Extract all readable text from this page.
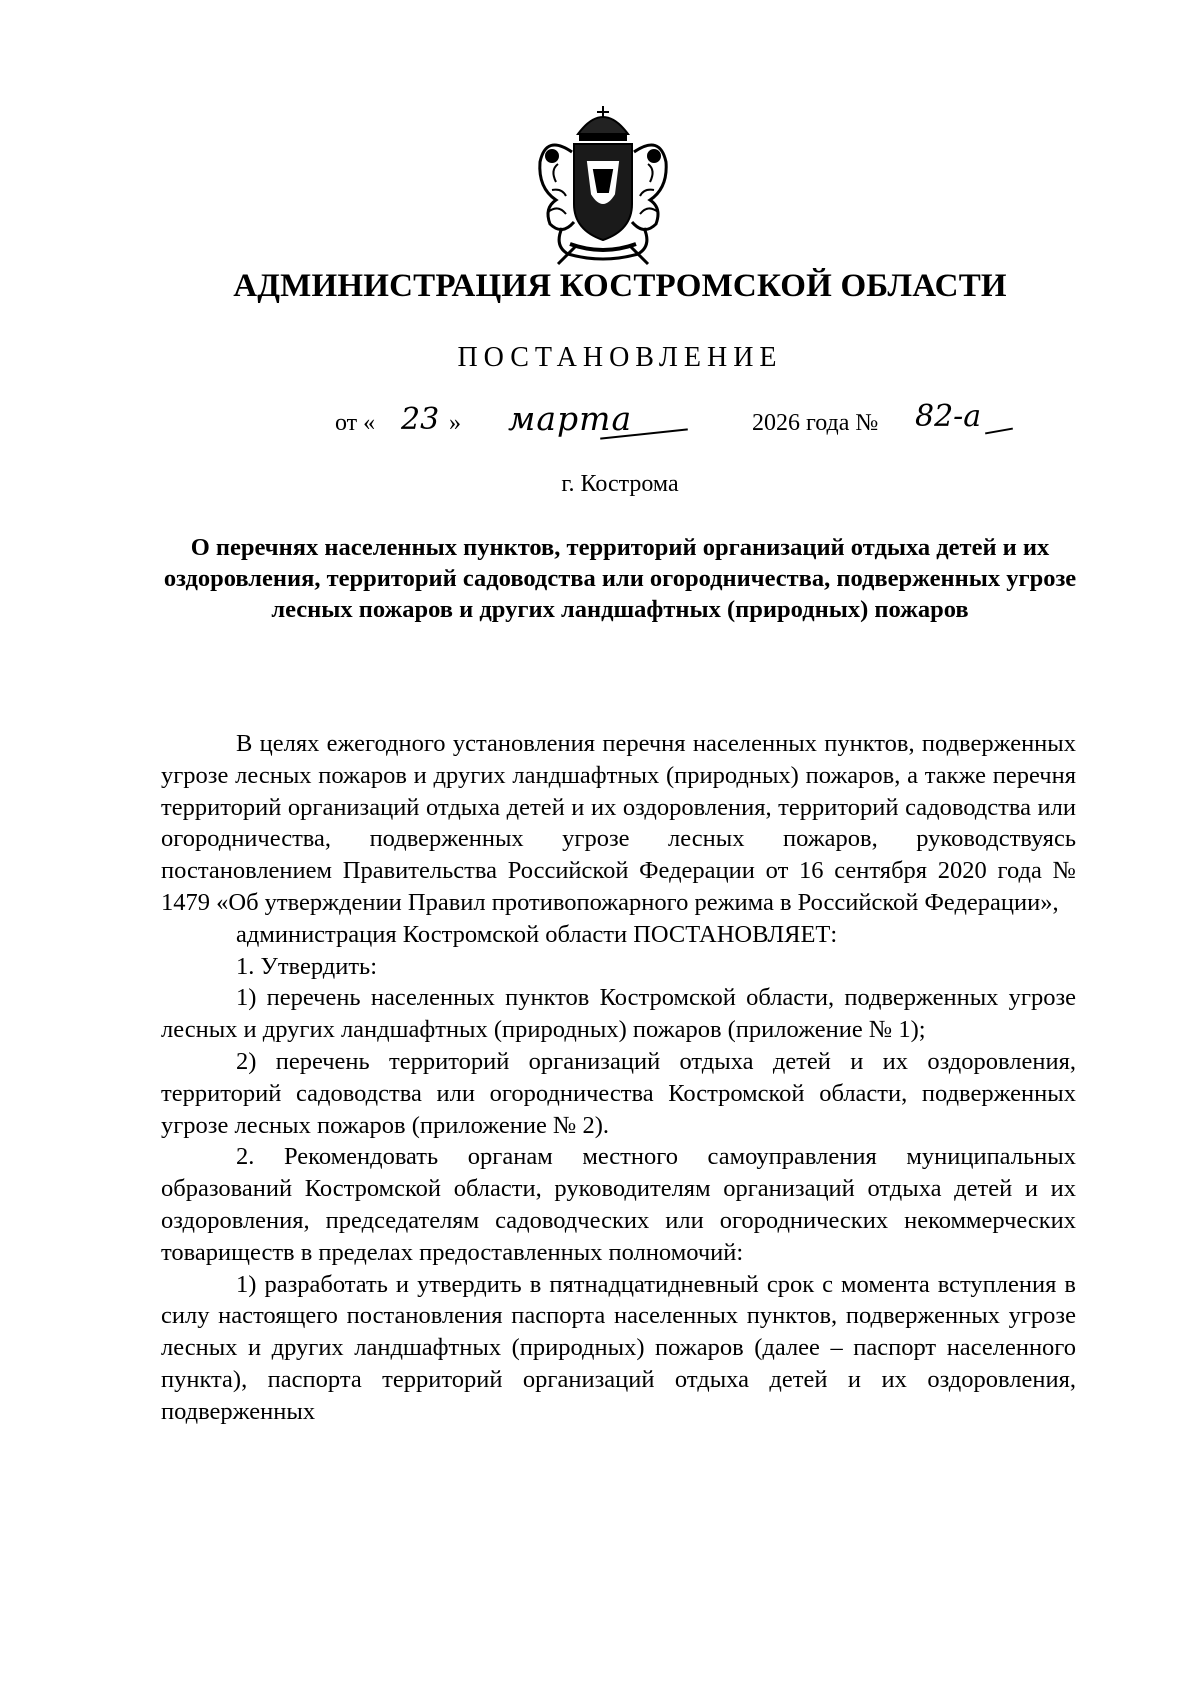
АДМИНИСТРАЦИЯ КОСТРОМСКОЙ ОБЛАСТИ
ПОСТАНОВЛЕНИЕ
от « 23 » марта	2026 года № 82-а
г. Кострома
О перечнях населенных пунктов, территорий организаций отдыха детей и их оздоровления, территорий садоводства или огородничества, подверженных угрозе лесных пожаров и других ландшафтных (природных) пожаров

В целях ежегодного установления перечня населенных пунктов, подверженных угрозе лесных пожаров и других ландшафтных (природных) пожаров, а также перечня территорий организаций отдыха детей и их оздоровления, территорий садоводства или огородничества, подверженных угрозе лесных пожаров, руководствуясь постановлением Правительства Российской Федерации от 16 сентября 2020 года № 1479 «Об утверждении Правил противопожарного режима в Российской Федерации»,

администрация Костромской области ПОСТАНОВЛЯЕТ:

1. Утвердить:

1) перечень населенных пунктов Костромской области, подверженных угрозе лесных и других ландшафтных (природных) пожаров (приложение № 1);

2) перечень территорий организаций отдыха детей и их оздоровления, территорий садоводства или огородничества Костромской области, подверженных угрозе лесных пожаров (приложение № 2).

2. Рекомендовать органам местного самоуправления муниципальных образований Костромской области, руководителям организаций отдыха детей и их оздоровления, председателям садоводческих или огороднических некоммерческих товариществ в пределах предоставленных полномочий:

1) разработать и утвердить в пятнадцатидневный срок с момента вступления в силу настоящего постановления паспорта населенных пунктов, подверженных угрозе лесных и других ландшафтных (природных) пожаров (далее – паспорт населенного пункта), паспорта территорий организаций отдыха детей и их оздоровления, подверженных
